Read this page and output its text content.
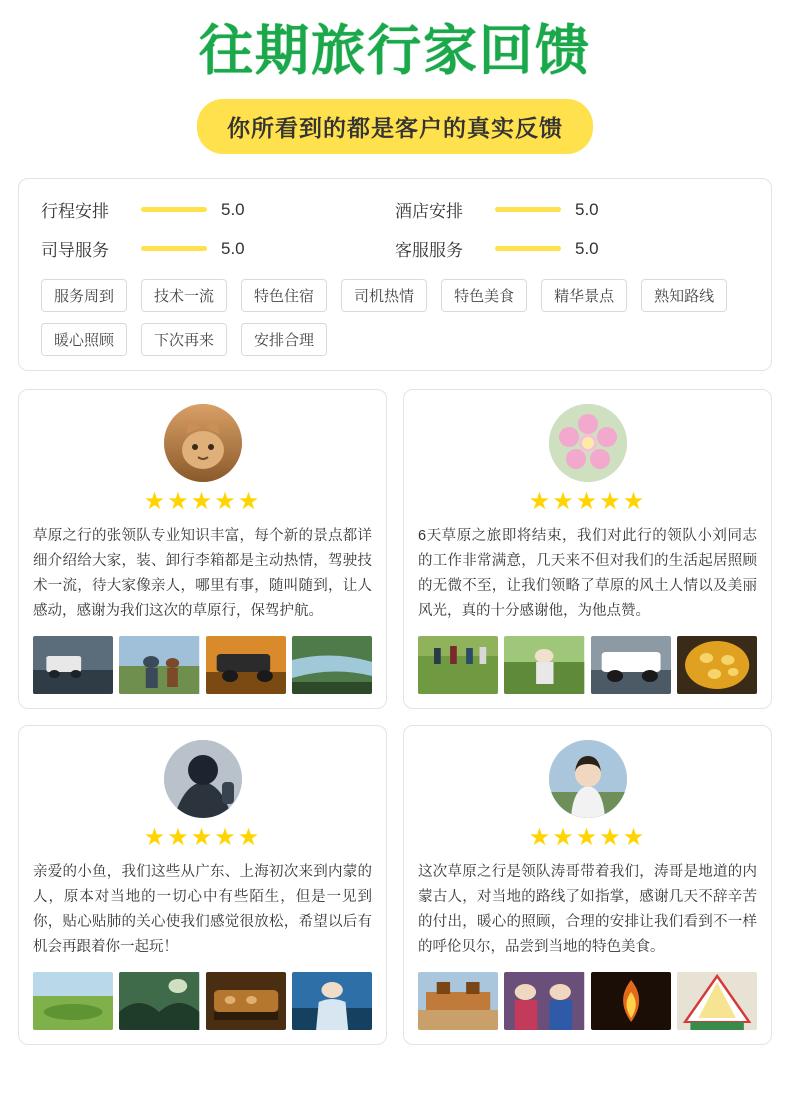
往期旅行家回馈
你所看到的都是客户的真实反馈
行程安排	5.0	酒店安排	5.0
司导服务	5.0	客服服务	5.0
服务周到	技术一流	特色住宿	司机热情	特色美食	精华景点	熟知路线
暖心照顾	下次再来	安排合理
★★★★★
草原之行的张领队专业知识丰富，每个新的景点都详细介绍给大家，装、卸行李箱都是主动热情，驾驶技术一流，待大家像亲人，哪里有事，随叫随到，让人感动，感谢为我们这次的草原行，保驾护航。
★★★★★
6天草原之旅即将结束，我们对此行的领队小刘同志的工作非常满意，几天来不但对我们的生活起居照顾的无微不至，让我们领略了草原的风土人情以及美丽风光，真的十分感谢他，为他点赞。
★★★★★
亲爱的小鱼，我们这些从广东、上海初次来到内蒙的人，原本对当地的一切心中有些陌生，但是一见到你，贴心贴肺的关心使我们感觉很放松，希望以后有机会再跟着你一起玩！
★★★★★
这次草原之行是领队涛哥带着我们，涛哥是地道的内蒙古人，对当地的路线了如指掌，感谢几天不辞辛苦的付出，暖心的照顾，合理的安排让我们看到不一样的呼伦贝尔，品尝到当地的特色美食。
